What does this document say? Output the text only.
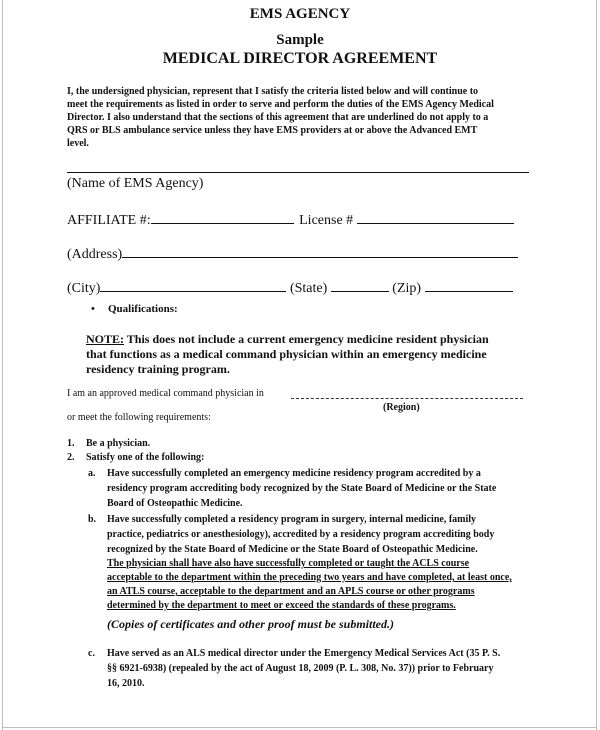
EMS AGENCY
Sample
MEDICAL DIRECTOR AGREEMENT
I, the undersigned physician, represent that I satisfy the criteria listed below and will continue to
meet the requirements as listed in order to serve and perform the duties of the EMS Agency Medical
Director. I also understand that the sections of this agreement that are underlined do not apply to a
QRS or BLS ambulance service unless they have EMS providers at or above the Advanced EMT
level.
(Name of EMS Agency)
AFFILIATE #:	License #
(Address)
(City)	(State)	(Zip)
• Qualifications:
NOTE: This does not include a current emergency medicine resident physician
that functions as a medical command physician within an emergency medicine
residency training program.
I am an approved medical command physician in
(Region)
or meet the following requirements:
1. Be a physician.
2. Satisfy one of the following:
a. Have successfully completed an emergency medicine residency program accredited by a
residency program accrediting body recognized by the State Board of Medicine or the State
Board of Osteopathic Medicine.
b. Have successfully completed a residency program in surgery, internal medicine, family
practice, pediatrics or anesthesiology), accredited by a residency program accrediting body
recognized by the State Board of Medicine or the State Board of Osteopathic Medicine.
The physician shall have also have successfully completed or taught the ACLS course
acceptable to the department within the preceding two years and have completed, at least once,
an ATLS course, acceptable to the department and an APLS course or other programs
determined by the department to meet or exceed the standards of these programs.
(Copies of certificates and other proof must be submitted.)
c. Have served as an ALS medical director under the Emergency Medical Services Act (35 P. S.
§§ 6921-6938) (repealed by the act of August 18, 2009 (P. L. 308, No. 37)) prior to February
16, 2010.
